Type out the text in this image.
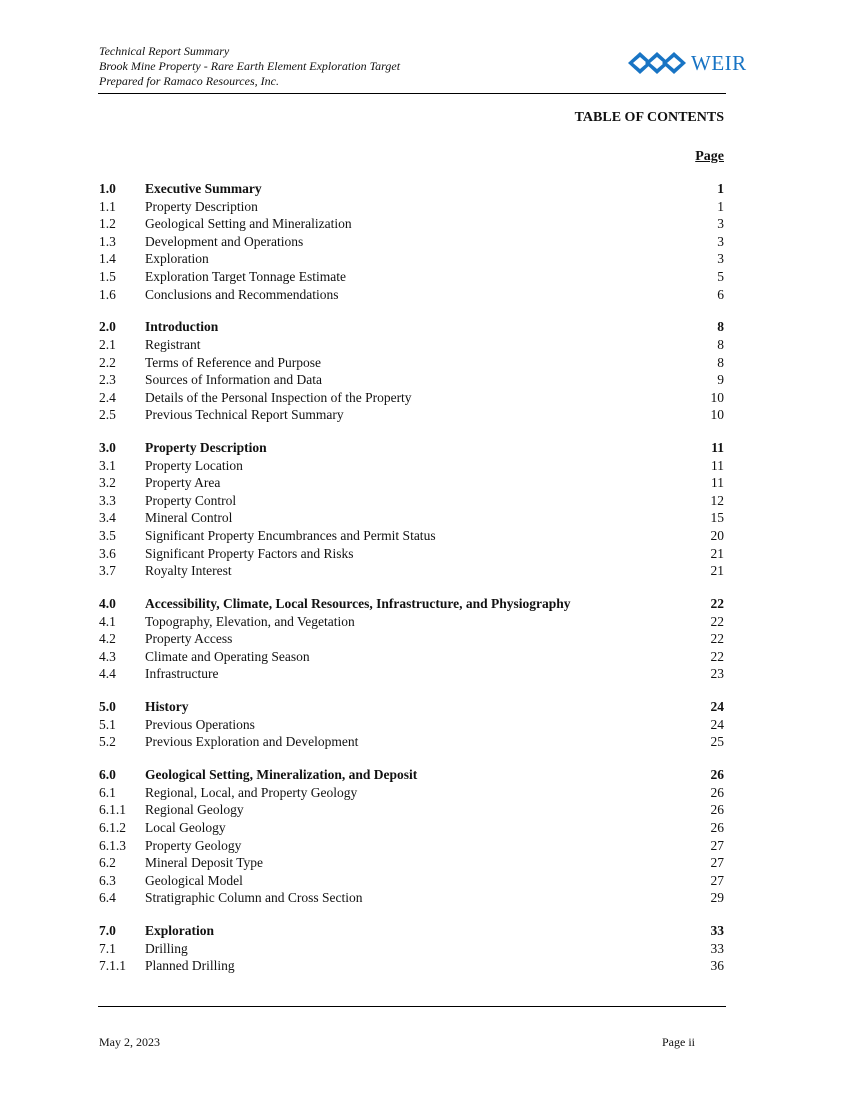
Technical Report Summary
Brook Mine Property - Rare Earth Element Exploration Target
Prepared for Ramaco Resources, Inc.
WEIR
TABLE OF CONTENTS
Page
1.0 Executive Summary	1
1.1 Property Description	1
1.2 Geological Setting and Mineralization	3
1.3 Development and Operations	3
1.4 Exploration	3
1.5 Exploration Target Tonnage Estimate	5
1.6 Conclusions and Recommendations	6
2.0 Introduction	8
2.1 Registrant	8
2.2 Terms of Reference and Purpose	8
2.3 Sources of Information and Data	9
2.4 Details of the Personal Inspection of the Property	10
2.5 Previous Technical Report Summary	10
3.0 Property Description	11
3.1 Property Location	11
3.2 Property Area	11
3.3 Property Control	12
3.4 Mineral Control	15
3.5 Significant Property Encumbrances and Permit Status	20
3.6 Significant Property Factors and Risks	21
3.7 Royalty Interest	21
4.0 Accessibility, Climate, Local Resources, Infrastructure, and Physiography	22
4.1 Topography, Elevation, and Vegetation	22
4.2 Property Access	22
4.3 Climate and Operating Season	22
4.4 Infrastructure	23
5.0 History	24
5.1 Previous Operations	24
5.2 Previous Exploration and Development	25
6.0 Geological Setting, Mineralization, and Deposit	26
6.1 Regional, Local, and Property Geology	26
6.1.1 Regional Geology	26
6.1.2 Local Geology	26
6.1.3 Property Geology	27
6.2 Mineral Deposit Type	27
6.3 Geological Model	27
6.4 Stratigraphic Column and Cross Section	29
7.0 Exploration	33
7.1 Drilling	33
7.1.1 Planned Drilling	36
May 2, 2023	Page ii
